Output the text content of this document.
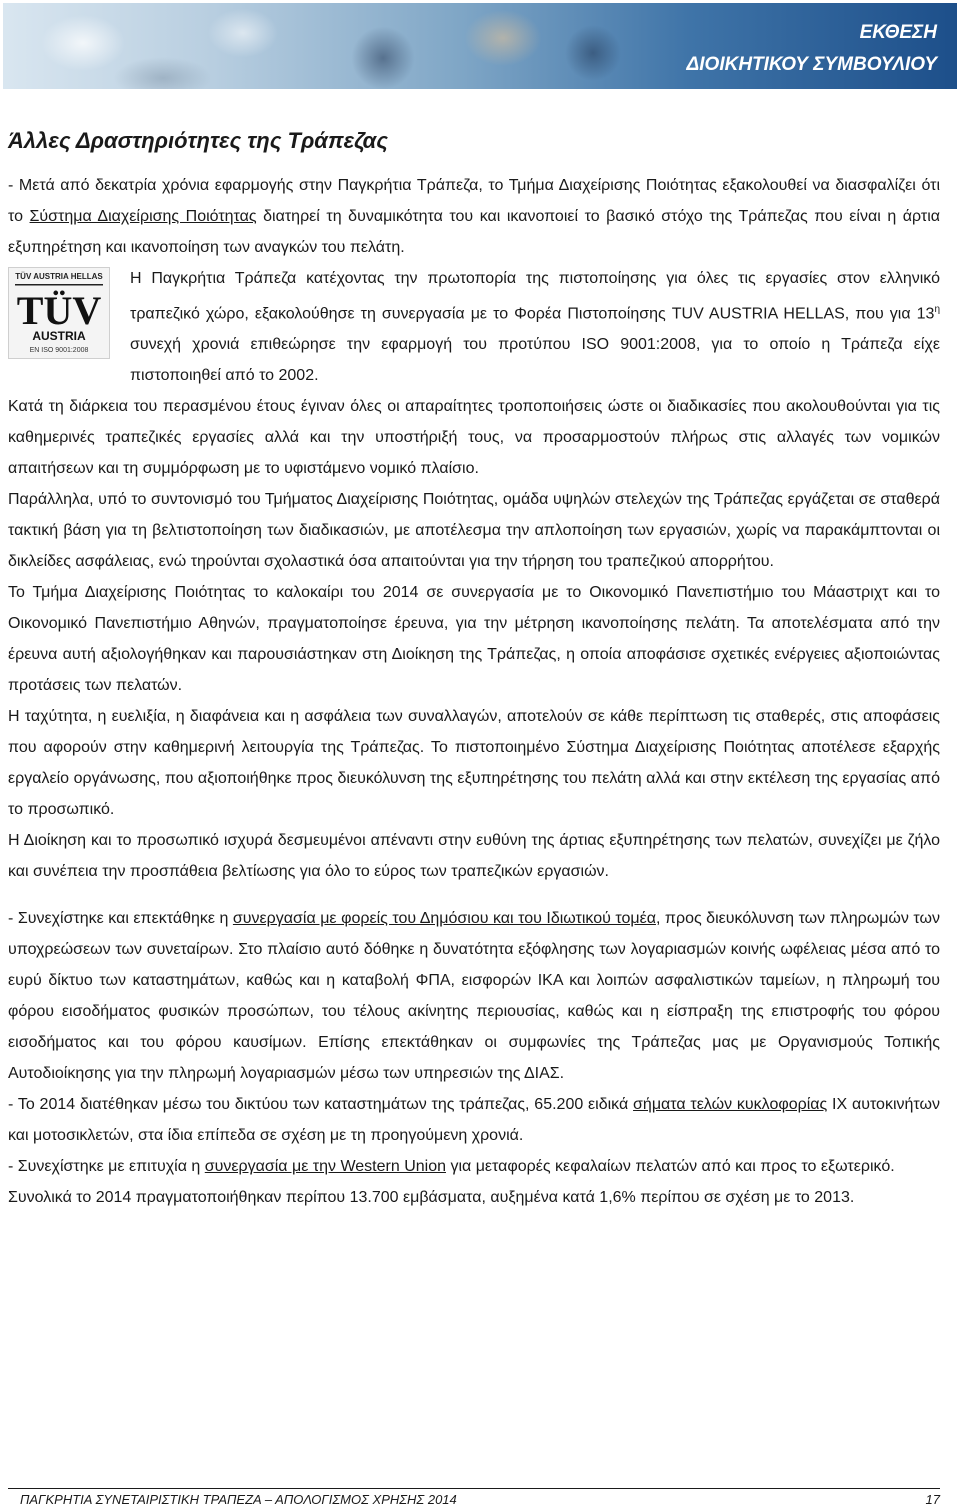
ΕΚΘΕΣΗ
ΔΙΟΙΚΗΤΙΚΟΥ ΣΥΜΒΟΥΛΙΟΥ
Άλλες Δραστηριότητες της Τράπεζας

- Μετά από δεκατρία χρόνια εφαρμογής στην Παγκρήτια Τράπεζα, το Τμήμα Διαχείρισης Ποιότητας εξακολουθεί να διασφαλίζει ότι το Σύστημα Διαχείρισης Ποιότητας διατηρεί τη δυναμικότητα του και ικανοποιεί το βασικό στόχο της Τράπεζας που είναι η άρτια εξυπηρέτηση και ικανοποίηση των αναγκών του πελάτη.

TÜV AUSTRIA HELLAS
TÜV
AUSTRIA
EN ISO 9001:2008

Η Παγκρήτια Τράπεζα κατέχοντας την πρωτοπορία της πιστοποίησης για όλες τις εργασίες στον ελληνικό τραπεζικό χώρο, εξακολούθησε τη συνεργασία με το Φορέα Πιστοποίησης TUV AUSTRIA HELLAS, που για $13^\eta$ συνεχή χρονιά επιθεώρησε την εφαρμογή του προτύπου ISO 9001:2008, για το οποίο η Τράπεζα είχε πιστοποιηθεί από το 2002.

Κατά τη διάρκεια του περασμένου έτους έγιναν όλες οι απαραίτητες τροποποιήσεις ώστε οι διαδικασίες που ακολουθούνται για τις καθημερινές τραπεζικές εργασίες αλλά και την υποστήριξή τους, να προσαρμοστούν πλήρως στις αλλαγές των νομικών απαιτήσεων και τη συμμόρφωση με το υφιστάμενο νομικό πλαίσιο.

Παράλληλα, υπό το συντονισμό του Τμήματος Διαχείρισης Ποιότητας, ομάδα υψηλών στελεχών της Τράπεζας εργάζεται σε σταθερά τακτική βάση για τη βελτιστοποίηση των διαδικασιών, με αποτέλεσμα την απλοποίηση των εργασιών, χωρίς να παρακάμπτονται οι δικλείδες ασφάλειας, ενώ τηρούνται σχολαστικά όσα απαιτούνται για την τήρηση του τραπεζικού απορρήτου.

Το Τμήμα Διαχείρισης Ποιότητας το καλοκαίρι του 2014 σε συνεργασία με το Οικονομικό Πανεπιστήμιο του Μάαστριχτ και το Οικονομικό Πανεπιστήμιο Αθηνών, πραγματοποίησε έρευνα, για την μέτρηση ικανοποίησης πελάτη. Τα αποτελέσματα από την έρευνα αυτή αξιολογήθηκαν και παρουσιάστηκαν στη Διοίκηση της Τράπεζας, η οποία αποφάσισε σχετικές ενέργειες αξιοποιώντας προτάσεις των πελατών.

Η ταχύτητα, η ευελιξία, η διαφάνεια και η ασφάλεια των συναλλαγών, αποτελούν σε κάθε περίπτωση τις σταθερές, στις αποφάσεις που αφορούν στην καθημερινή λειτουργία της Τράπεζας. Το πιστοποιημένο Σύστημα Διαχείρισης Ποιότητας αποτέλεσε εξαρχής εργαλείο οργάνωσης, που αξιοποιήθηκε προς διευκόλυνση της εξυπηρέτησης του πελάτη αλλά και στην εκτέλεση της εργασίας από το προσωπικό.

Η Διοίκηση και το προσωπικό ισχυρά δεσμευμένοι απέναντι στην ευθύνη της άρτιας εξυπηρέτησης των πελατών, συνεχίζει με ζήλο και συνέπεια την προσπάθεια βελτίωσης για όλο το εύρος των τραπεζικών εργασιών.

- Συνεχίστηκε και επεκτάθηκε η συνεργασία με φορείς του Δημόσιου και του Ιδιωτικού τομέα, προς διευκόλυνση των πληρωμών των υποχρεώσεων των συνεταίρων. Στο πλαίσιο αυτό δόθηκε η δυνατότητα εξόφλησης των λογαριασμών κοινής ωφέλειας μέσα από το ευρύ δίκτυο των καταστημάτων, καθώς και η καταβολή ΦΠΑ, εισφορών ΙΚΑ και λοιπών ασφαλιστικών ταμείων, η πληρωμή του φόρου εισοδήματος φυσικών προσώπων, του τέλους ακίνητης περιουσίας, καθώς και η είσπραξη της επιστροφής του φόρου εισοδήματος και του φόρου καυσίμων. Επίσης επεκτάθηκαν οι συμφωνίες της Τράπεζας μας με Οργανισμούς Τοπικής Αυτοδιοίκησης για την πληρωμή λογαριασμών μέσω των υπηρεσιών της ΔΙΑΣ.

- Το 2014 διατέθηκαν μέσω του δικτύου των καταστημάτων της τράπεζας, 65.200 ειδικά σήματα τελών κυκλοφορίας ΙΧ αυτοκινήτων και μοτοσικλετών, στα ίδια επίπεδα σε σχέση με τη προηγούμενη χρονιά.

- Συνεχίστηκε με επιτυχία η συνεργασία με την Western Union για μεταφορές κεφαλαίων πελατών από και προς το εξωτερικό.

Συνολικά το 2014 πραγματοποιήθηκαν περίπου 13.700 εμβάσματα, αυξημένα κατά 1,6% περίπου σε σχέση με το 2013.

ΠΑΓΚΡΗΤΙΑ ΣΥΝΕΤΑΙΡΙΣΤΙΚΗ ΤΡΑΠΕΖΑ – ΑΠΟΛΟΓΙΣΜΟΣ ΧΡΗΣΗΣ 2014	17
